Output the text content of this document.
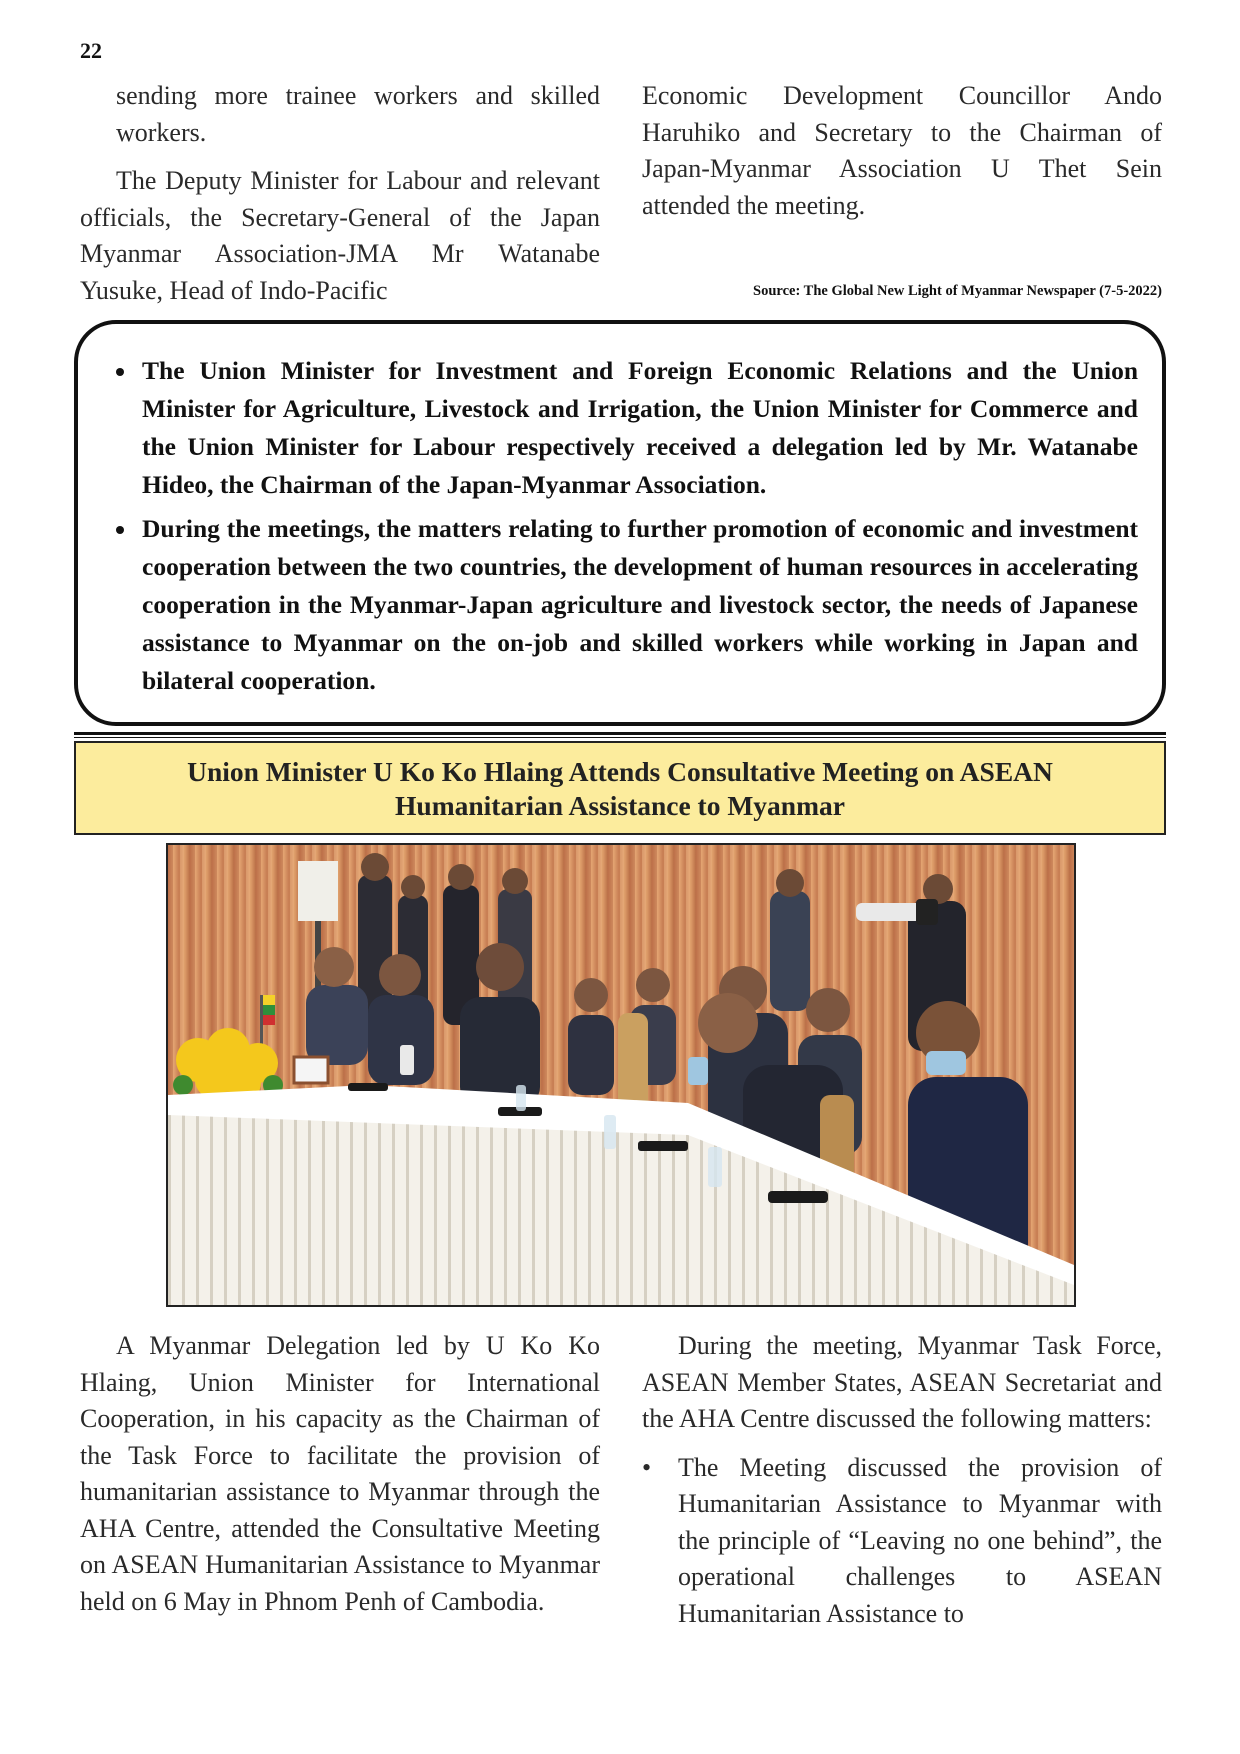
22

sending more trainee workers and skilled workers.

The Deputy Minister for Labour and relevant officials, the Secretary-General of the Japan Myanmar Association-JMA Mr Watanabe Yusuke, Head of Indo-Pacific

Economic Development Councillor Ando Haruhiko and Secretary to the Chairman of Japan-Myanmar Association U Thet Sein attended the meeting.

Source: The Global New Light of Myanmar Newspaper (7-5-2022)
• The Union Minister for Investment and Foreign Economic Relations and the Union Minister for Agriculture, Livestock and Irrigation, the Union Minister for Commerce and the Union Minister for Labour respectively received a delegation led by Mr. Watanabe Hideo, the Chairman of the Japan-Myanmar Association.
• During the meetings, the matters relating to further promotion of economic and investment cooperation between the two countries, the development of human resources in accelerating cooperation in the Myanmar-Japan agriculture and livestock sector, the needs of Japanese assistance to Myanmar on the on-job and skilled workers while working in Japan and bilateral cooperation.
Union Minister U Ko Ko Hlaing Attends Consultative Meeting on ASEAN
Humanitarian Assistance to Myanmar

A Myanmar Delegation led by U Ko Ko Hlaing, Union Minister for International Cooperation, in his capacity as the Chairman of the Task Force to facilitate the provision of humanitarian assistance to Myanmar through the AHA Centre, attended the Consultative Meeting on ASEAN Humanitarian Assistance to Myanmar held on 6 May in Phnom Penh of Cambodia.

During the meeting, Myanmar Task Force, ASEAN Member States, ASEAN Secretariat and the AHA Centre discussed the following matters:

• The Meeting discussed the provision of Humanitarian Assistance to Myanmar with the principle of “Leaving no one behind”, the operational challenges to ASEAN Humanitarian Assistance to
